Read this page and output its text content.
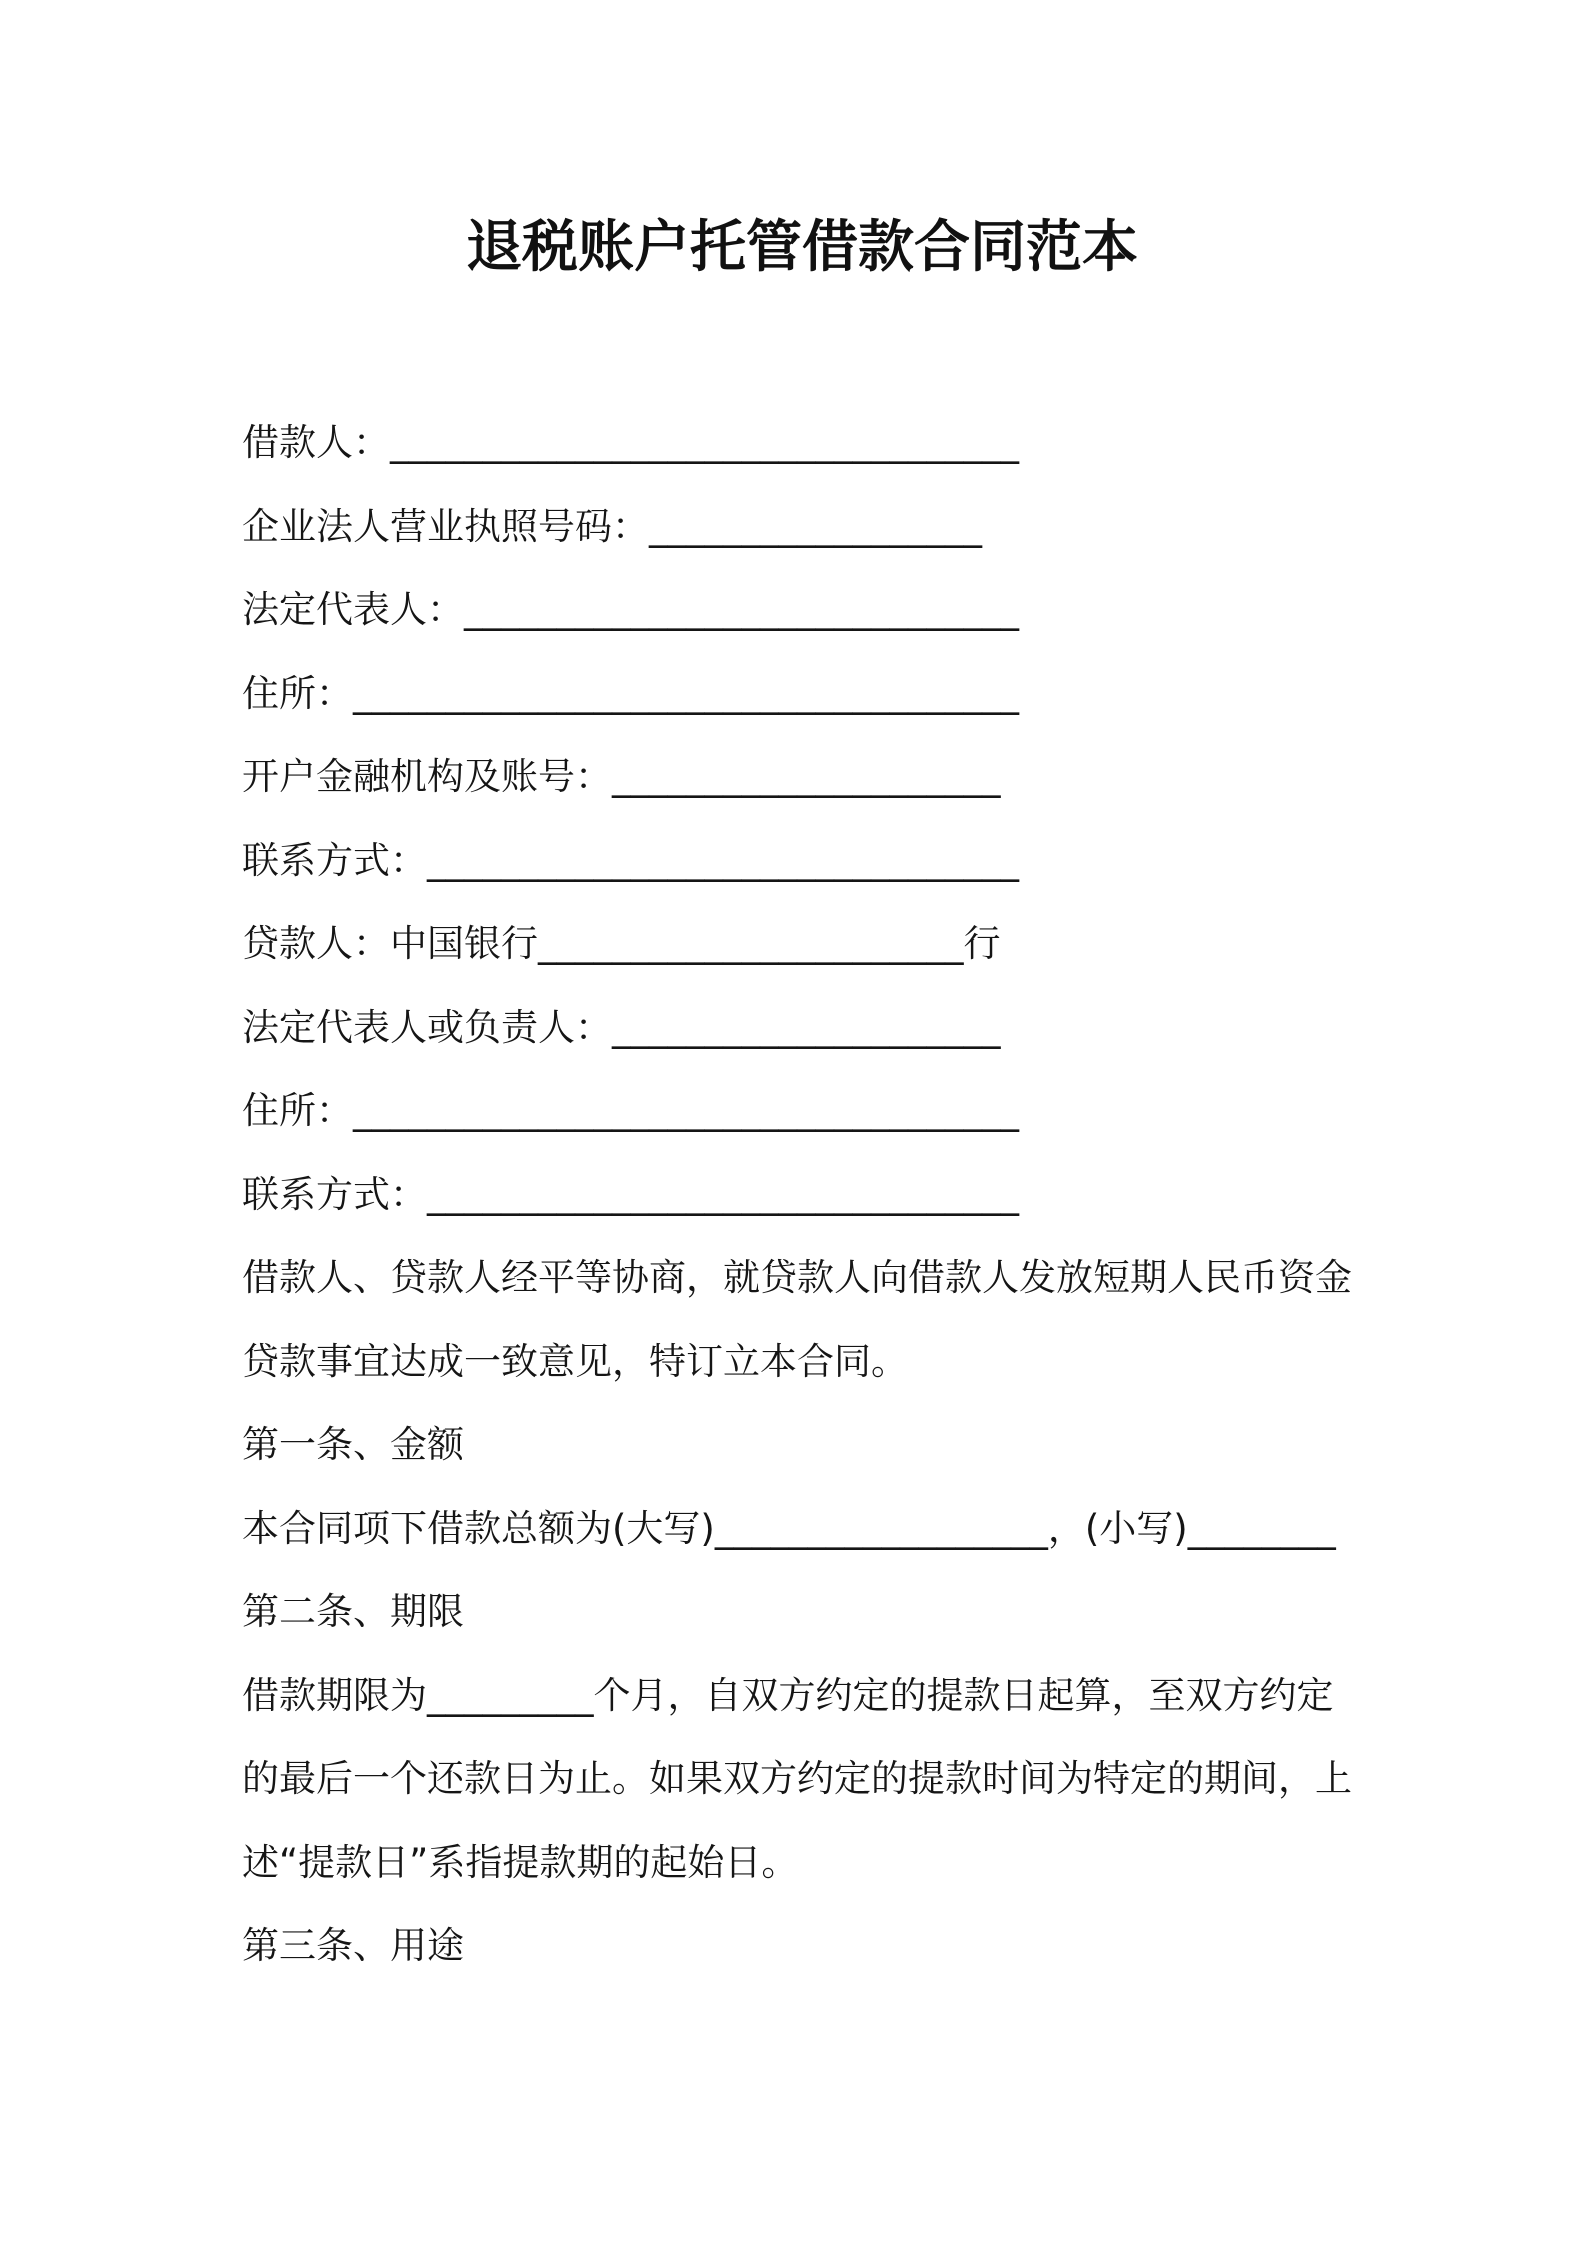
退税账户托管借款合同范本
借款人：__________________________________
企业法人营业执照号码：__________________
法定代表人：______________________________
住所：____________________________________
开户金融机构及账号：_____________________
联系方式：________________________________
贷款人：中国银行_______________________行
法定代表人或负责人：_____________________
住所：____________________________________
联系方式：________________________________
借款人、贷款人经平等协商，就贷款人向借款人发放短期人民币资金
贷款事宜达成一致意见，特订立本合同。
第一条、金额
本合同项下借款总额为(大写)__________________，(小写)________
第二条、期限
借款期限为_________个月，自双方约定的提款日起算，至双方约定
的最后一个还款日为止。如果双方约定的提款时间为特定的期间，上
述“提款日”系指提款期的起始日。
第三条、用途
